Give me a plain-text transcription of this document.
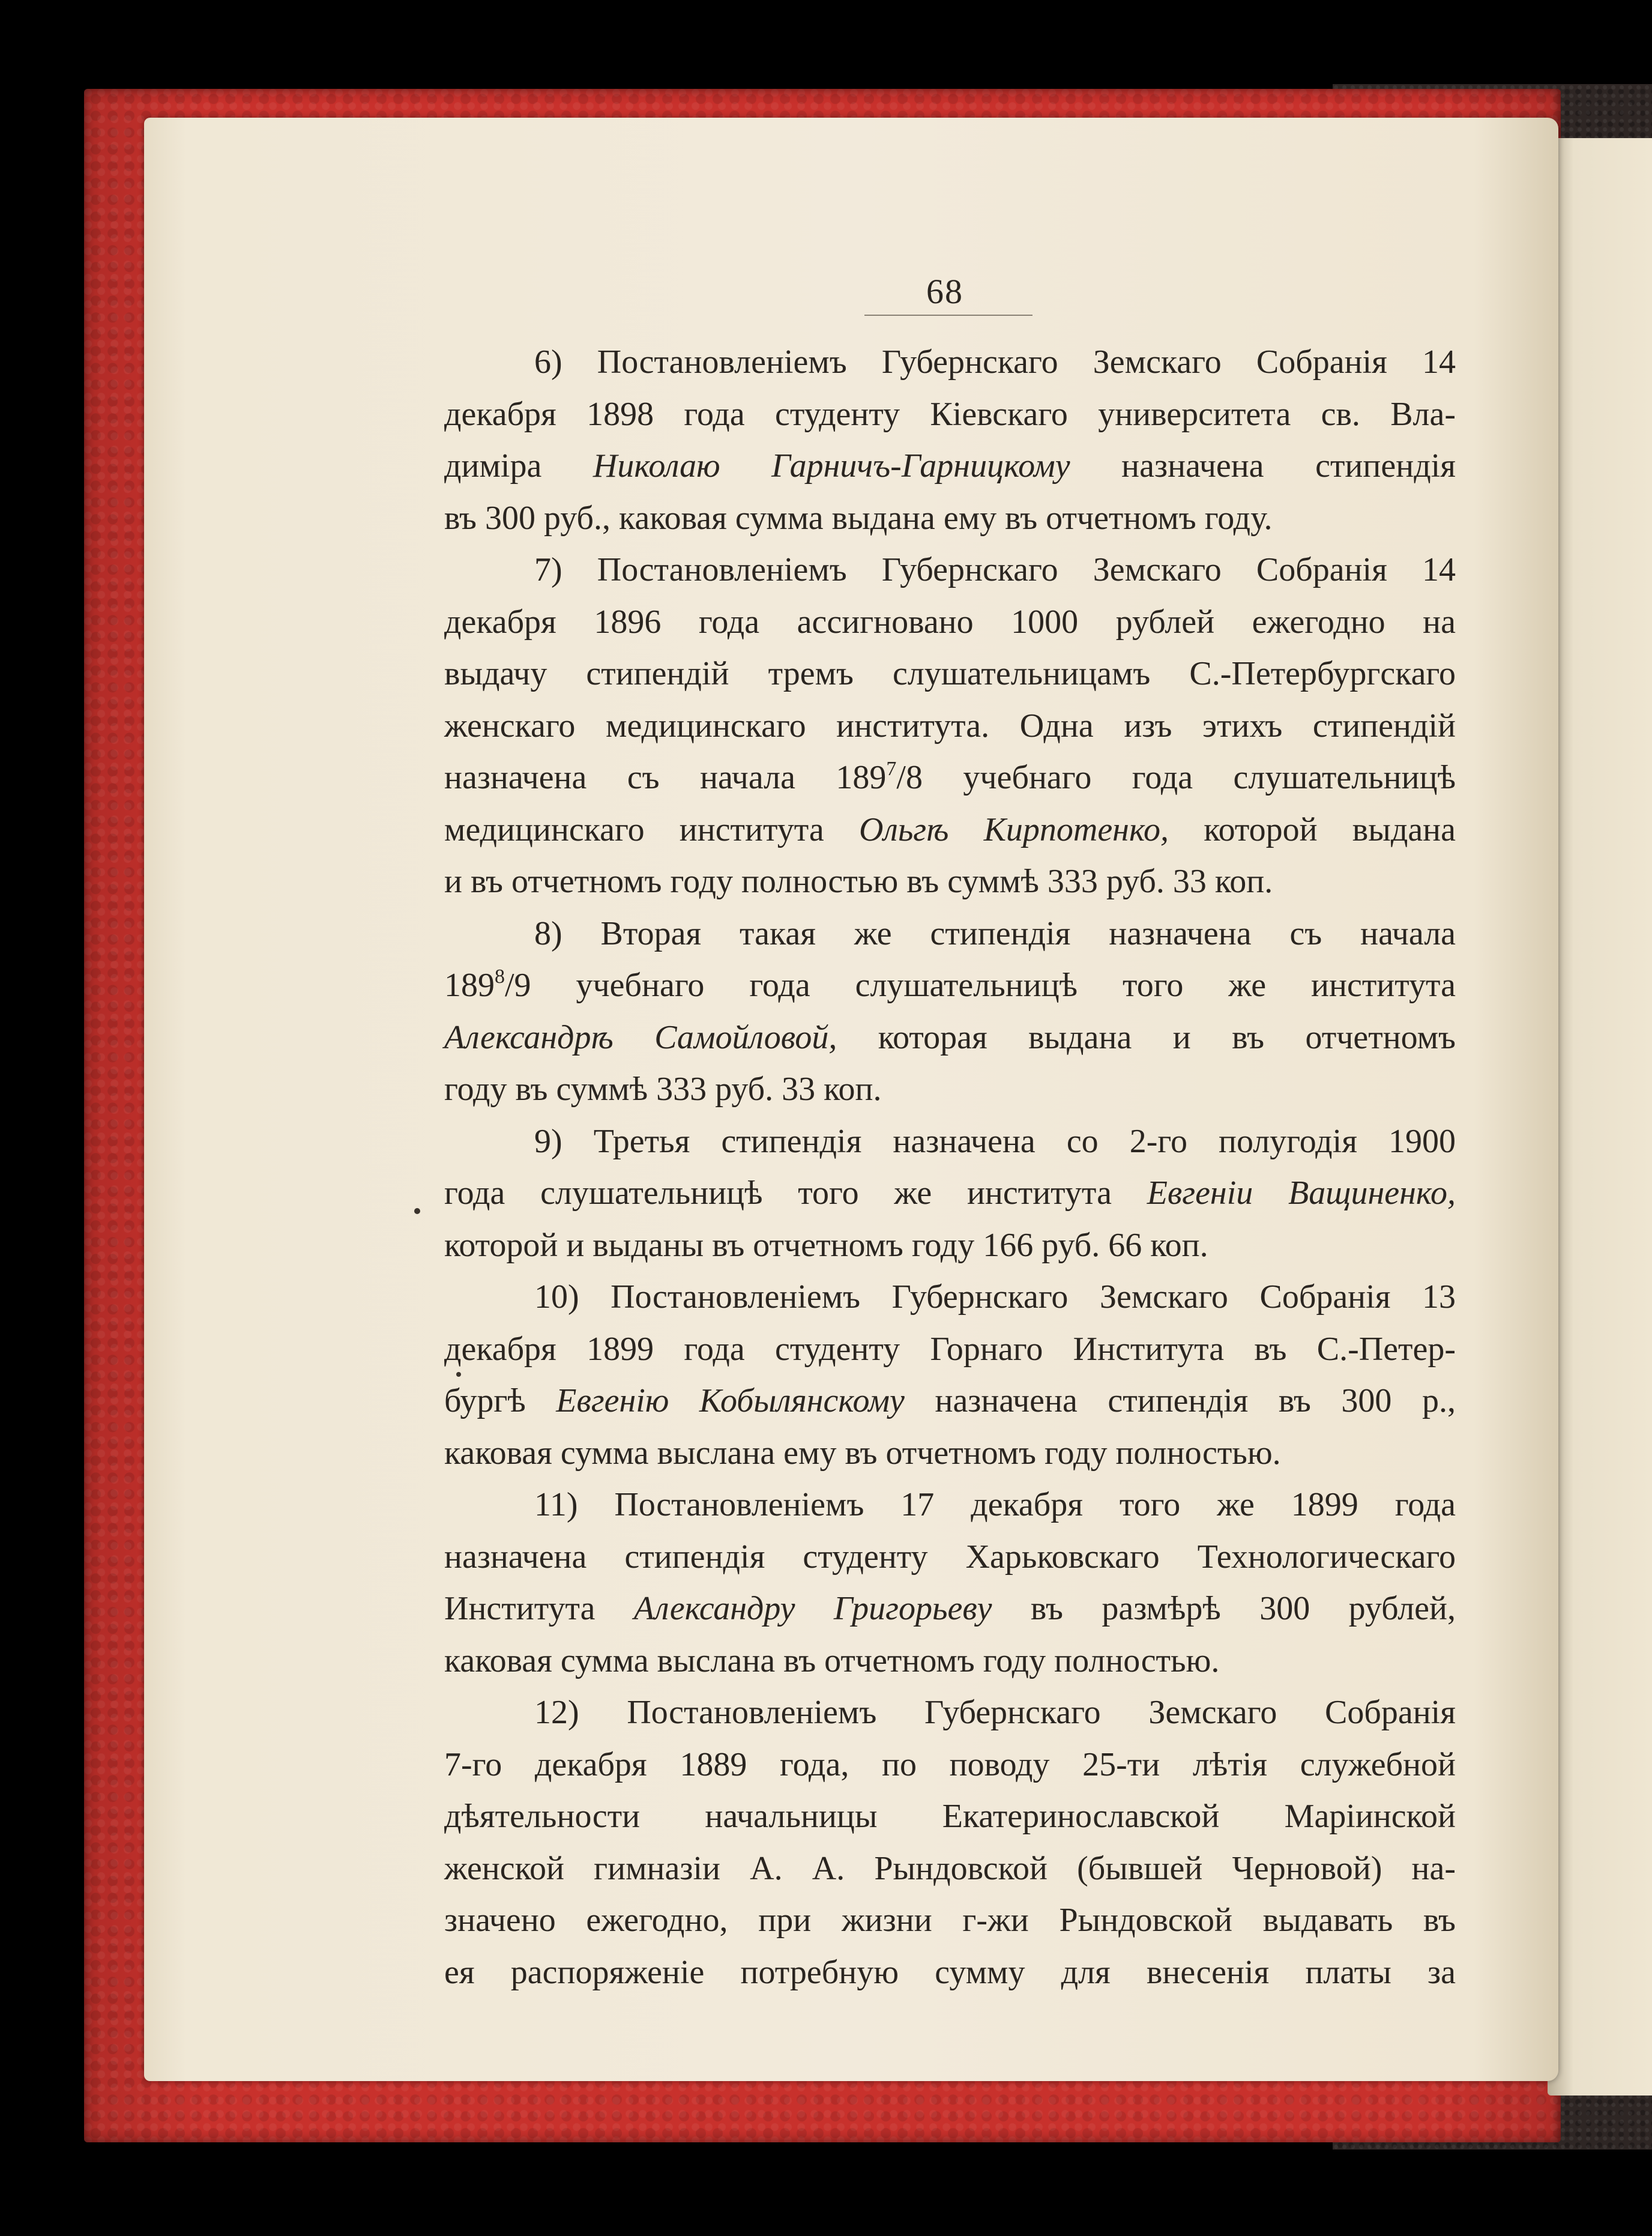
68
6) Постановленіемъ Губернскаго Земскаго Собранія 14
декабря 1898 года студенту Кіевскаго университета св. Вла-
диміра Николаю Гарничъ-Гарницкому назначена стипендія
въ 300 руб., каковая сумма выдана ему въ отчетномъ году.
7) Постановленіемъ Губернскаго Земскаго Собранія 14
декабря 1896 года ассигновано 1000 рублей ежегодно на
выдачу стипендій тремъ слушательницамъ С.-Петербургскаго
женскаго медицинскаго института. Одна изъ этихъ стипендій
назначена съ начала $189^7/8$ учебнаго года слушательницѣ
медицинскаго института Ольгѣ Кирпотенко, которой выдана
и въ отчетномъ году полностью въ суммѣ 333 руб. 33 коп.
8) Вторая такая же стипендія назначена съ начала
$189^8/9$ учебнаго года слушательницѣ того же института
Александрѣ Самойловой, которая выдана и въ отчетномъ
году въ суммѣ 333 руб. 33 коп.
9) Третья стипендія назначена со 2-го полугодія 1900
года слушательницѣ того же института Евгеніи Ващиненко,
которой и выданы въ отчетномъ году 166 руб. 66 коп.
10) Постановленіемъ Губернскаго Земскаго Собранія 13
декабря 1899 года студенту Горнаго Института въ С.-Петер-
бургѣ Евгенію Кобылянскому назначена стипендія въ 300 р.,
каковая сумма выслана ему въ отчетномъ году полностью.
11) Постановленіемъ 17 декабря того же 1899 года
назначена стипендія студенту Харьковскаго Технологическаго
Института Александру Григорьеву въ размѣрѣ 300 рублей,
каковая сумма выслана въ отчетномъ году полностью.
12) Постановленіемъ Губернскаго Земскаго Собранія
7-го декабря 1889 года, по поводу 25-ти лѣтія служебной
дѣятельности начальницы Екатеринославской Маріинской
женской гимназіи А. А. Рындовской (бывшей Черновой) на-
значено ежегодно, при жизни г-жи Рындовской выдавать въ
ея распоряженіе потребную сумму для внесенія платы за
